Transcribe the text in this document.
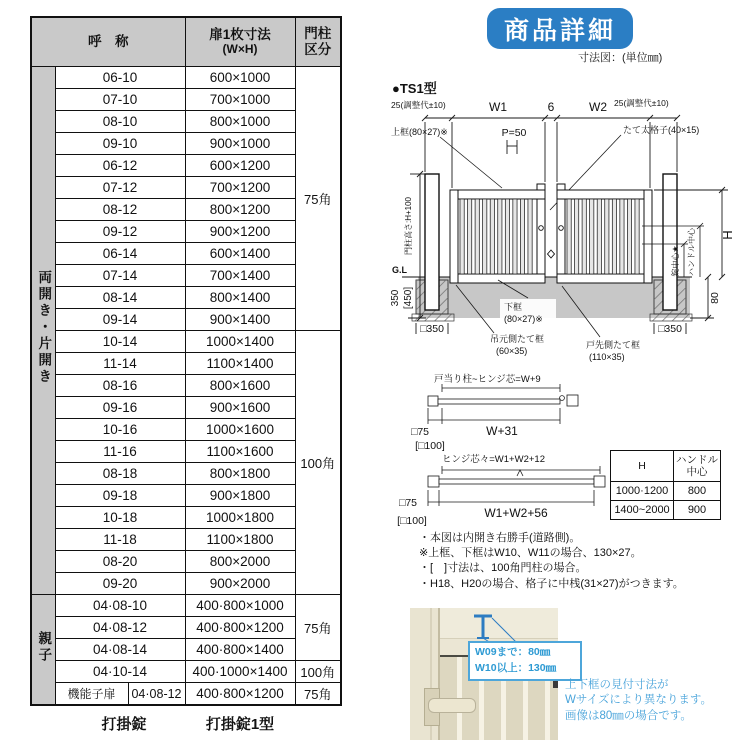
呼　称	扉1枚寸法
(W×H)

門柱
区分

両開き・片開き	06-10	600×1000	75角
	07-10	700×1000	
	08-10	800×1000	
	09-10	900×1000	
	06-12	600×1200	
	07-12	700×1200	
	08-12	800×1200	
	09-12	900×1200	
	06-14	600×1400	
	07-14	700×1400	
	08-14	800×1400	
	09-14	900×1400	
	10-14	1000×1400	100角
	11-14	1100×1400	
	08-16	800×1600	
	09-16	900×1600	
	10-16	1000×1600	
	11-16	1100×1600	
	08-18	800×1800	
	09-18	900×1800	
	10-18	1000×1800	
	11-18	1100×1800	
	08-20	800×2000	
	09-20	900×2000	
親子	04·08-10	400·800×1000	75角
	04·08-12	400·800×1200	
	04·08-14	400·800×1400	
	04·10-14	400·1000×1400	100角

機能子扉 04·08-12	400·800×1200	75角
打掛錠	打掛錠1型
商品詳細
寸法図：(単位㎜)
●TS1型
25(調整代±10)	W1	6	W2 25(調整代±10)
P=50
上框(80×27)※	たて太格子(40×15)
G.L
門柱高さ:H+100
350 [450]
□350	□350
下框
(80×27)※
吊元側たて框
(60×35)
戸先側たて框
(110×35)
錠中心★ ハンドル中心 H
80
戸当り柱~ヒンジ芯=W+9
□75	W+31
[□100]
ヒンジ芯々=W1+W2+12
□75
W1+W2+56
[□100]
H	ハンドル中心
1000·1200	800
1400~2000	900
・本図は内開き右勝手(道路側)。
※上框、下框はW10、W11の場合、130×27。
・[　]寸法は、100角門柱の場合。
・H18、H20の場合、格子に中桟(31×27)がつきます。
W09まで：80㎜
W10以上：130㎜
上下框の見付寸法が
Wサイズにより異なります。
画像は80㎜の場合です。
